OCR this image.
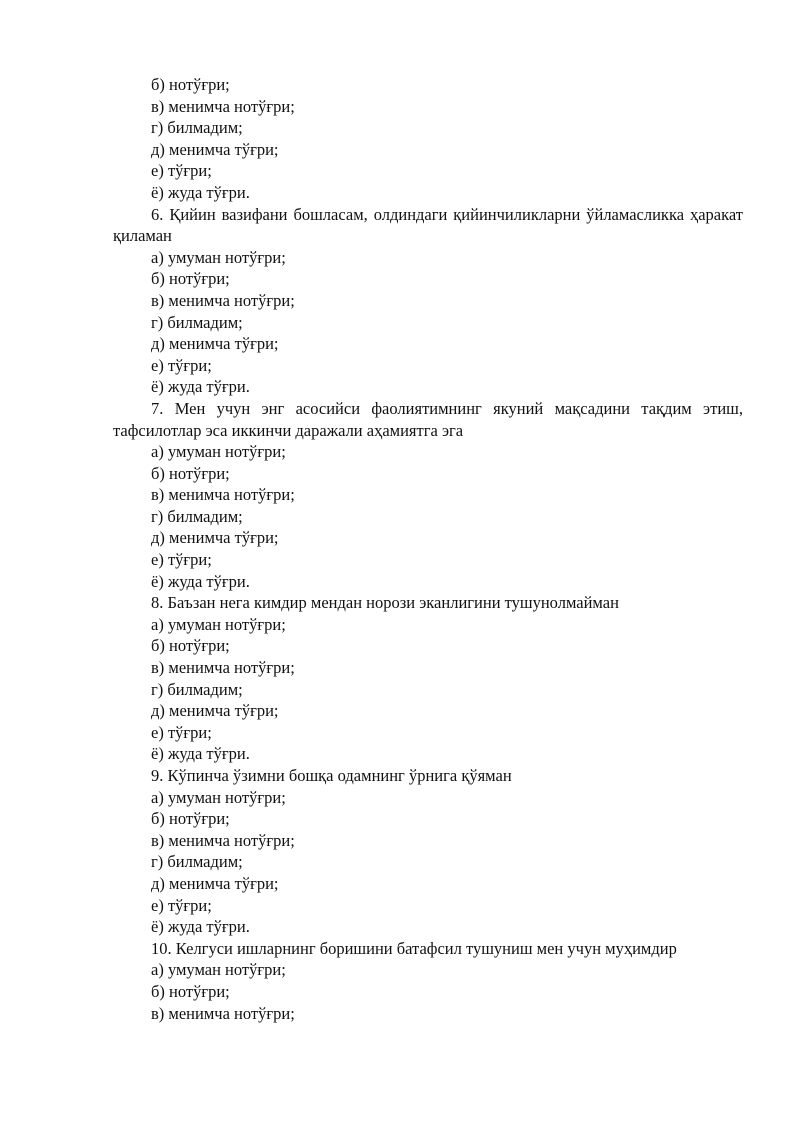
б) нотўғри;
в) менимча нотўғри;
г) билмадим;
д) менимча тўғри;
е) тўғри;
ё) жуда тўғри.
6. Қийин вазифани бошласам, олдиндаги қийинчиликларни ўйламасликка ҳаракат қиламан
а) умуман нотўғри;
б) нотўғри;
в) менимча нотўғри;
г) билмадим;
д) менимча тўғри;
е) тўғри;
ё) жуда тўғри.
7. Мен учун энг асосийси фаолиятимнинг якуний мақсадини тақдим этиш, тафсилотлар эса иккинчи даражали аҳамиятга эга
а) умуман нотўғри;
б) нотўғри;
в) менимча нотўғри;
г) билмадим;
д) менимча тўғри;
е) тўғри;
ё) жуда тўғри.
8. Баъзан нега кимдир мендан норози эканлигини тушунолмайман
а) умуман нотўғри;
б) нотўғри;
в) менимча нотўғри;
г) билмадим;
д) менимча тўғри;
е) тўғри;
ё) жуда тўғри.
9. Кўпинча ўзимни бошқа одамнинг ўрнига қўяман
а) умуман нотўғри;
б) нотўғри;
в) менимча нотўғри;
г) билмадим;
д) менимча тўғри;
е) тўғри;
ё) жуда тўғри.
10. Келгуси ишларнинг боришини батафсил тушуниш мен учун муҳимдир
а) умуман нотўғри;
б) нотўғри;
в) менимча нотўғри;
